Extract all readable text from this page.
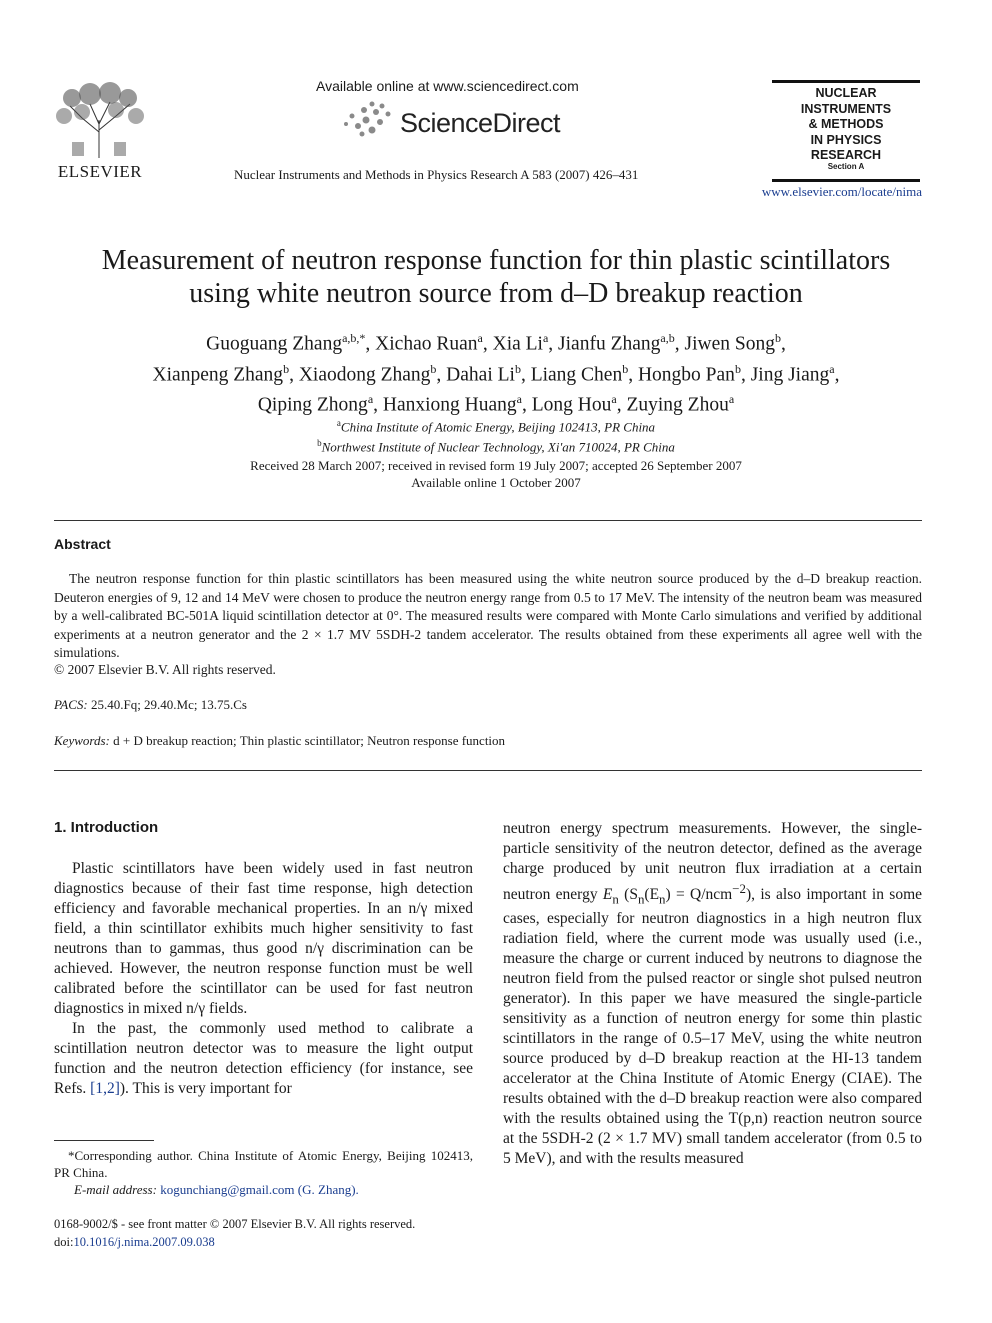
ELSEVIER
Available online at www.sciencedirect.com
ScienceDirect
Nuclear Instruments and Methods in Physics Research A 583 (2007) 426–431
NUCLEAR
INSTRUMENTS
& METHODS
IN PHYSICS
RESEARCH
Section A
www.elsevier.com/locate/nima
Measurement of neutron response function for thin plastic scintillators
using white neutron source from d–D breakup reaction
Guoguang Zhang$^{a,b,*}$, Xichao Ruan$^a$, Xia Li$^a$, Jianfu Zhang$^{a,b}$, Jiwen Song$^b$,
Xianpeng Zhang$^b$, Xiaodong Zhang$^b$, Dahai Li$^b$, Liang Chen$^b$, Hongbo Pan$^b$, Jing Jiang$^a$,
Qiping Zhong$^a$, Hanxiong Huang$^a$, Long Hou$^a$, Zuying Zhou$^a$
$^a$China Institute of Atomic Energy, Beijing 102413, PR China
$^b$Northwest Institute of Nuclear Technology, Xi'an 710024, PR China
Received 28 March 2007; received in revised form 19 July 2007; accepted 26 September 2007
Available online 1 October 2007
Abstract

The neutron response function for thin plastic scintillators has been measured using the white neutron source produced by the d–D breakup reaction. Deuteron energies of 9, 12 and 14 MeV were chosen to produce the neutron energy range from 0.5 to 17 MeV. The intensity of the neutron beam was measured by a well-calibrated BC-501A liquid scintillation detector at 0°. The measured results were compared with Monte Carlo simulations and verified by additional experiments at a neutron generator and the 2 × 1.7 MV 5SDH-2 tandem accelerator. The results obtained from these experiments all agree well with the simulations.

© 2007 Elsevier B.V. All rights reserved.
PACS: 25.40.Fq; 29.40.Mc; 13.75.Cs
Keywords: d + D breakup reaction; Thin plastic scintillator; Neutron response function
1. Introduction

Plastic scintillators have been widely used in fast neutron diagnostics because of their fast time response, high detection efficiency and favorable mechanical properties. In an n/γ mixed field, a thin scintillator exhibits much higher sensitivity to fast neutrons than to gammas, thus good n/γ discrimination can be achieved. However, the neutron response function must be well calibrated before the scintillator can be used for fast neutron diagnostics in mixed n/γ fields.

In the past, the commonly used method to calibrate a scintillation neutron detector was to measure the light output function and the neutron detection efficiency (for instance, see Refs. [1,2]). This is very important for

neutron energy spectrum measurements. However, the single-particle sensitivity of the neutron detector, defined as the average charge produced by unit neutron flux irradiation at a certain neutron energy $E_n$ $(S_n(E_n) = Q/ncm^{-2})$, is also important in some cases, especially for neutron diagnostics in a high neutron flux radiation field, where the current mode was usually used (i.e., measure the charge or current induced by neutrons to diagnose the neutron field from the pulsed reactor or single shot pulsed neutron generator). In this paper we have measured the single-particle sensitivity as a function of neutron energy for some thin plastic scintillators in the range of 0.5–17 MeV, using the white neutron source produced by d–D breakup reaction at the HI-13 tandem accelerator at the China Institute of Atomic Energy (CIAE). The results obtained with the d–D breakup reaction were also compared with the results obtained using the T(p,n) reaction neutron source at the 5SDH-2 (2 × 1.7 MV) small tandem accelerator (from 0.5 to 5 MeV), and with the results measured

*Corresponding author. China Institute of Atomic Energy, Beijing 102413, PR China.

E-mail address: kogunchiang@gmail.com (G. Zhang).

0168-9002/$ - see front matter © 2007 Elsevier B.V. All rights reserved.
doi:10.1016/j.nima.2007.09.038
